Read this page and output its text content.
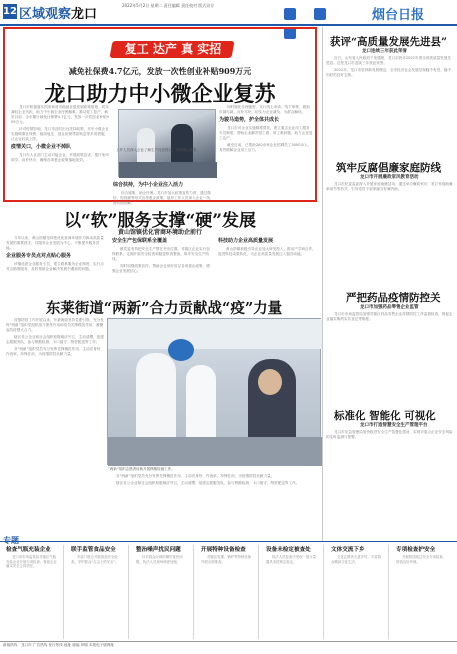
12 区域观察龙口
2022年5月2日 星期二 责任编辑 责任校对 版式设计
烟台日报
复工 达产 真 实招
减免社保费4.7亿元，发放一次性创业补贴909万元
龙口助力中小微企业复苏

龙口市积极落实国家和省市稳就业促发展政策措施，切实减轻企业负担，助力中小微企业纾困解难，推动复工复产，截至目前，全市累计减免社保费4.7亿元，发放一次性创业补贴909万元。

针对疫情影响，龙口市及时出台扶持政策，对中小微企业实施缓缴社保费、稳岗返还、创业担保贷款贴息等多项措施，让企业轻装上阵。

疫情关口，小微企业不掉队

龙口市人社部门主动对接企业，开展政策宣讲，推行免申即享、直补快办，确保各项惠企政策落地见效。

综合扶持，为中小企业注入活力

综合施策，助企纾困。龙口市加大政策宣传力度，通过微信、短视频等形式宣传惠企政策，组织工作人员深入企业一线，面对面讲解。

同时简化办理流程，实行线上申请、线下审核，做到应减尽减、应补尽补，切实为企业减负、为群众解忧。

为骏马造势，护全体共成长

龙口市对企业实施精准帮扶，建立重点企业用工服务专员制度，帮助企业解决招工难、用工难问题，助力企业复工达产。

截至目前，已帮助200余家企业招聘员工3000余人，有效缓解企业用工压力。

工作人员深入企业了解生产经营情况，宣讲惠企政策。
以“软”服务支撑“硬”发展
黄山馆镇优化营商环境助企前行

今年以来，黄山馆镇坚持把优化营商环境作为推动高质量发展的重要抓手，以服务企业发展为中心，不断提升服务效能。

企业服务专员点对点贴心服务

该镇选派企业服务专员，建立联系服务企业制度，实行点对点精准服务，及时帮助企业解决发展中遇到的问题。

安全生产包保联系全覆盖

镇党委坚持把安全生产摆在突出位置，对辖区企业实行包保联系，定期开展安全检查和隐患排查整治，筑牢安全生产防线。

同时加强政策宣传，帮助企业用好用足各项惠企政策，增强企业发展信心。

科技助力企业高质量发展

黄山馆镇积极引导企业加大研发投入，推动产学研合作，促进科技成果转化，为企业高质量发展注入强劲动能。

东莱街道“两新”合力贡献战“疫”力量

疫情防控工作开展以来，东莱街道坚持党建引领，充分发挥“两新”组织党组织战斗堡垒作用和党员先锋模范作用，凝聚起抗疫强大合力。

辖区非公企业和社会组织积极响应号召，主动请缨，组建志愿服务队，参与核酸检测、卡口值守、物资配送等工作。

各“两新”组织党员充分发挥先锋模范作用，主动亮身份、作表率，冲锋在前，为疫情防控贡献力量。

“两新”组织志愿者协助开展核酸检测工作。

各“两新”组织党员充分发挥先锋模范作用，主动亮身份、作表率，冲锋在前，为疫情防控贡献力量。

辖区非公企业和社会组织积极响应号召，主动请缨，组建志愿服务队，参与核酸检测、卡口值守、物资配送等工作。

获评“高质量发展先进县”
龙口连续三年获此荣誉

近日，山东省人民政府下发通报，龙口市获评2021年度全省高质量发展先进县。这是龙口市连续三年获此荣誉。

2021年，龙口市坚持新发展理念，全市经济社会发展呈现稳中有进、稳中向好的良好态势。

筑牢反腐倡廉家庭防线
龙口市开展廉政家风教育活动

龙口市纪委监委深入开展家庭助廉活动，通过举办廉政家访、签订家庭助廉承诺书等形式，引导党员干部家属当好廉内助。

严把药品疫情防控关
龙口市加强药品零售企业监管

龙口市市场监管局加强对辖区药品零售企业疫情防控工作监督检查，督促企业落实购药实名登记等制度。

标准化 智能化 可视化
龙口市打造智慧安全生产管理平台

龙口市应急管理局加快推进安全生产智慧化建设，实现对重点企业安全风险的实时监测与预警。

检查气瓶充装企业

龙口市市场监管局对辖区气瓶充装企业开展专项检查，督促企业落实安全主体责任。

联手监管食品安全

多部门联合开展食品安全检查，守护群众“舌尖上的安全”。

整治噪声扰民问题

针对群众反映的噪声扰民问题，执法人员现场调查处理。

开展特种设备检查

对辖区电梯、锅炉等特种设备开展全面排查。

设备未检定被查处

执法人员检查中发现一批计量器具未按规定检定。

文体交流下乡

文化志愿者走进乡村，丰富群众精神文化生活。

专项检查护安全

开展校园周边安全专项检查，营造良好环境。

新闻热线：龙口市 广告热线 发行热线 地址 邮编 印刷 本报电子版网址
